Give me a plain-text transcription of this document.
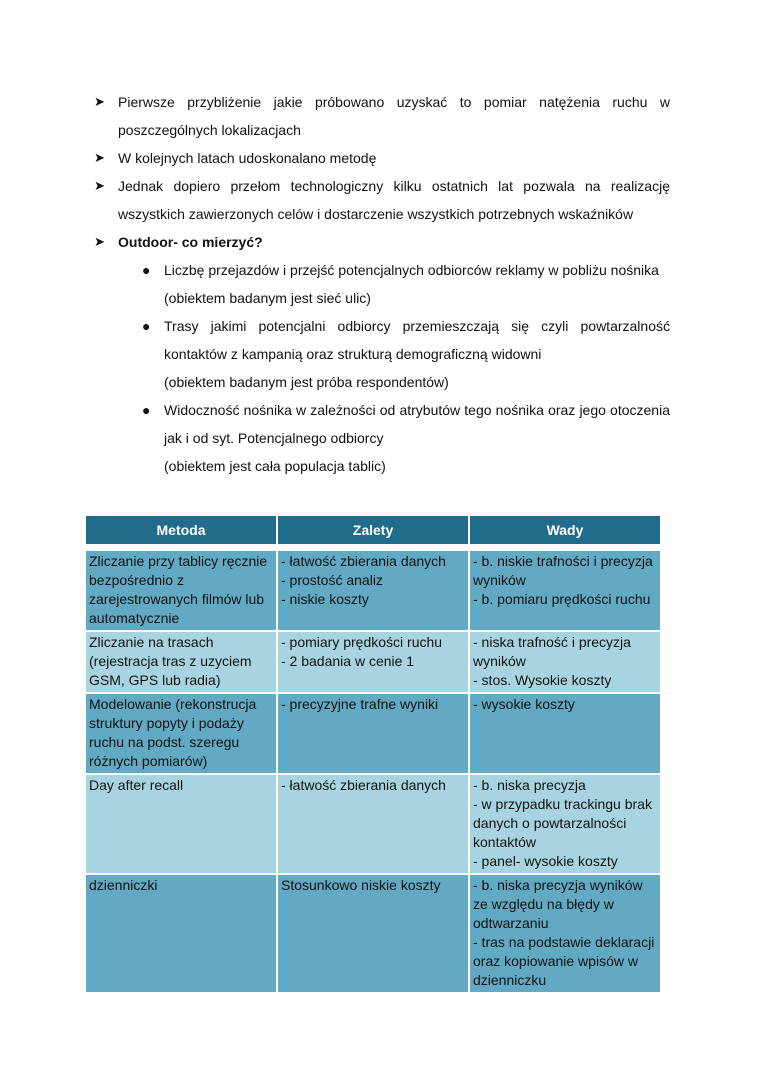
➤ Pierwsze przybliżenie jakie próbowano uzyskać to pomiar natężenia ruchu w poszczególnych lokalizacjach
➤ W kolejnych latach udoskonalano metodę
➤ Jednak dopiero przełom technologiczny kilku ostatnich lat pozwala na realizację wszystkich zawierzonych celów i dostarczenie wszystkich potrzebnych wskaźników
➤ Outdoor- co mierzyć?
● Liczbę przejazdów i przejść potencjalnych odbiorców reklamy w pobliżu nośnika
(obiektem badanym jest sieć ulic)
● Trasy jakimi potencjalni odbiorcy przemieszczają się czyli powtarzalność kontaktów z kampanią oraz strukturą demograficzną widowni
(obiektem badanym jest próba respondentów)
● Widoczność nośnika w zależności od atrybutów tego nośnika oraz jego otoczenia jak i od syt. Potencjalnego odbiorcy
(obiektem jest cała populacja tablic)
Metoda	Zalety	Wady

Zliczanie przy tablicy ręcznie bezpośrednio z zarejestrowanych filmów lub automatycznie	- łatwość zbierania danych
- prostość analiz
- niskie koszty	- b. niskie trafności i precyzja wyników
- b. pomiaru prędkości ruchu

Zliczanie na trasach (rejestracja tras z uzyciem GSM, GPS lub radia)	- pomiary prędkości ruchu
- 2 badania w cenie 1	- niska trafność i precyzja wyników
- stos. Wysokie koszty

Modelowanie (rekonstrucja struktury popyty i podaży ruchu na podst. szeregu różnych pomiarów)	- precyzyjne trafne wyniki	- wysokie koszty

Day after recall	- łatwość zbierania danych	- b. niska precyzja
- w przypadku trackingu brak danych o powtarzalności kontaktów
- panel- wysokie koszty

dzienniczki	Stosunkowo niskie koszty	- b. niska precyzja wyników ze względu na błędy w odtwarzaniu
- tras na podstawie deklaracji oraz kopiowanie wpisów w dzienniczku
